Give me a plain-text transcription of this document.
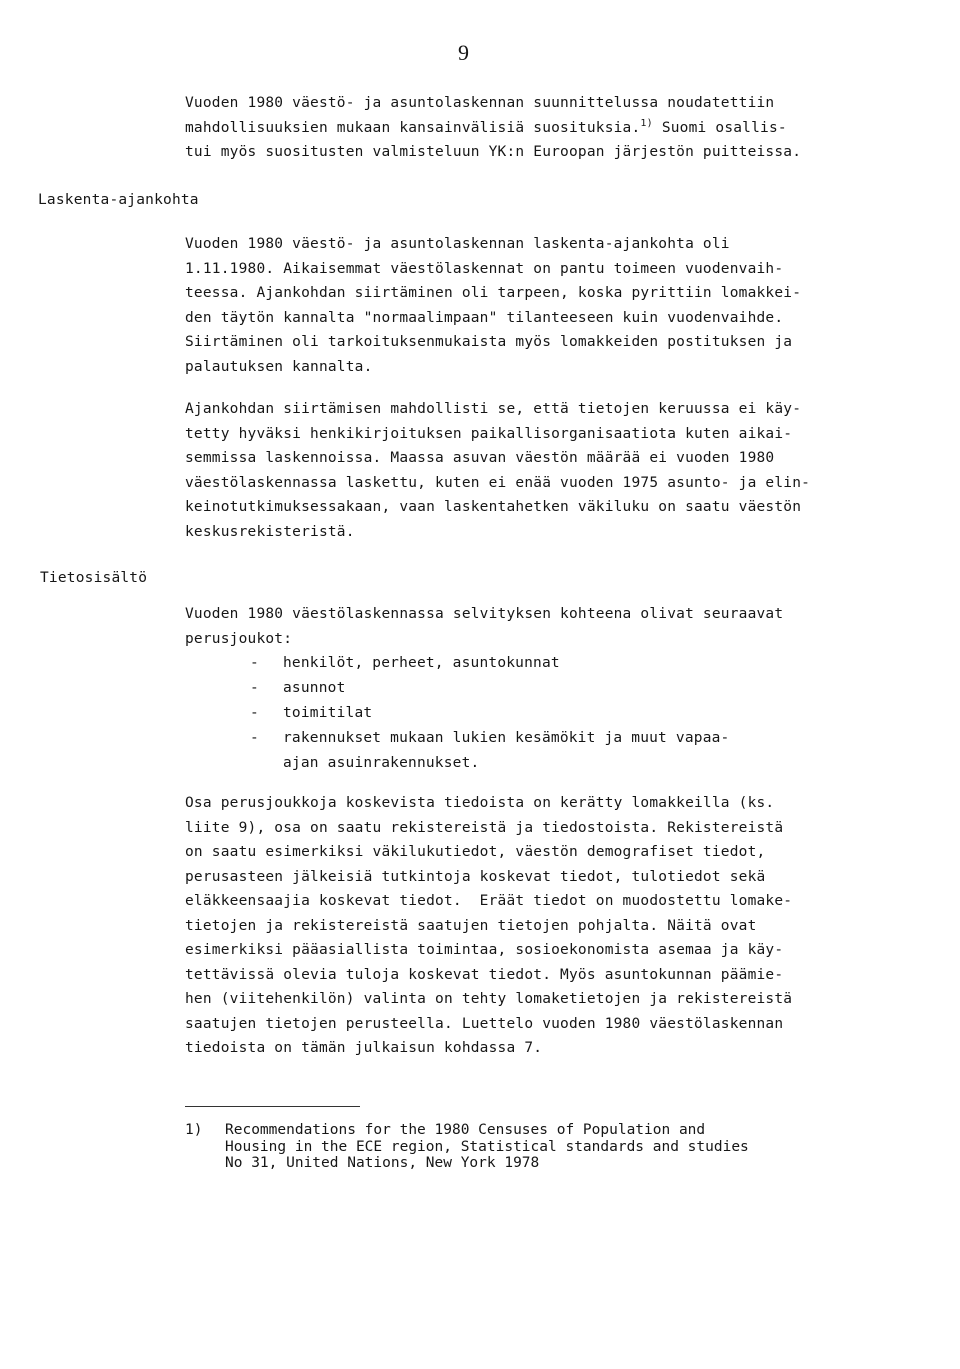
9
Vuoden 1980 väestö- ja asuntolaskennan suunnittelussa noudatettiin
mahdollisuuksien mukaan kansainvälisiä suosituksia.$^{1)}$ Suomi osallis-
tui myös suositusten valmisteluun YK:n Euroopan järjestön puitteissa.
Laskenta-ajankohta
Vuoden 1980 väestö- ja asuntolaskennan laskenta-ajankohta oli
1.11.1980. Aikaisemmat väestölaskennat on pantu toimeen vuodenvaih-
teessa. Ajankohdan siirtäminen oli tarpeen, koska pyrittiin lomakkei-
den täytön kannalta "normaalimpaan" tilanteeseen kuin vuodenvaihde.
Siirtäminen oli tarkoituksenmukaista myös lomakkeiden postituksen ja
palautuksen kannalta.
Ajankohdan siirtämisen mahdollisti se, että tietojen keruussa ei käy-
tetty hyväksi henkikirjoituksen paikallisorganisaatiota kuten aikai-
semmissa laskennoissa. Maassa asuvan väestön määrää ei vuoden 1980
väestölaskennassa laskettu, kuten ei enää vuoden 1975 asunto- ja elin-
keinotutkimuksessakaan, vaan laskentahetken väkiluku on saatu väestön
keskusrekisteristä.
Tietosisältö
Vuoden 1980 väestölaskennassa selvityksen kohteena olivat seuraavat
perusjoukot:
-	henkilöt, perheet, asuntokunnat
-	asunnot
-	toimitilat
-	rakennukset mukaan lukien kesämökit ja muut vapaa-
ajan asuinrakennukset.
Osa perusjoukkoja koskevista tiedoista on kerätty lomakkeilla (ks.
liite 9), osa on saatu rekistereistä ja tiedostoista. Rekistereistä
on saatu esimerkiksi väkilukutiedot, väestön demografiset tiedot,
perusasteen jälkeisiä tutkintoja koskevat tiedot, tulotiedot sekä
eläkkeensaajia koskevat tiedot.  Eräät tiedot on muodostettu lomake-
tietojen ja rekistereistä saatujen tietojen pohjalta. Näitä ovat
esimerkiksi pääasiallista toimintaa, sosioekonomista asemaa ja käy-
tettävissä olevia tuloja koskevat tiedot. Myös asuntokunnan päämie-
hen (viitehenkilön) valinta on tehty lomaketietojen ja rekistereistä
saatujen tietojen perusteella. Luettelo vuoden 1980 väestölaskennan
tiedoista on tämän julkaisun kohdassa 7.
1)	Recommendations for the 1980 Censuses of Population and
Housing in the ECE region, Statistical standards and studies
No 31, United Nations, New York 1978
